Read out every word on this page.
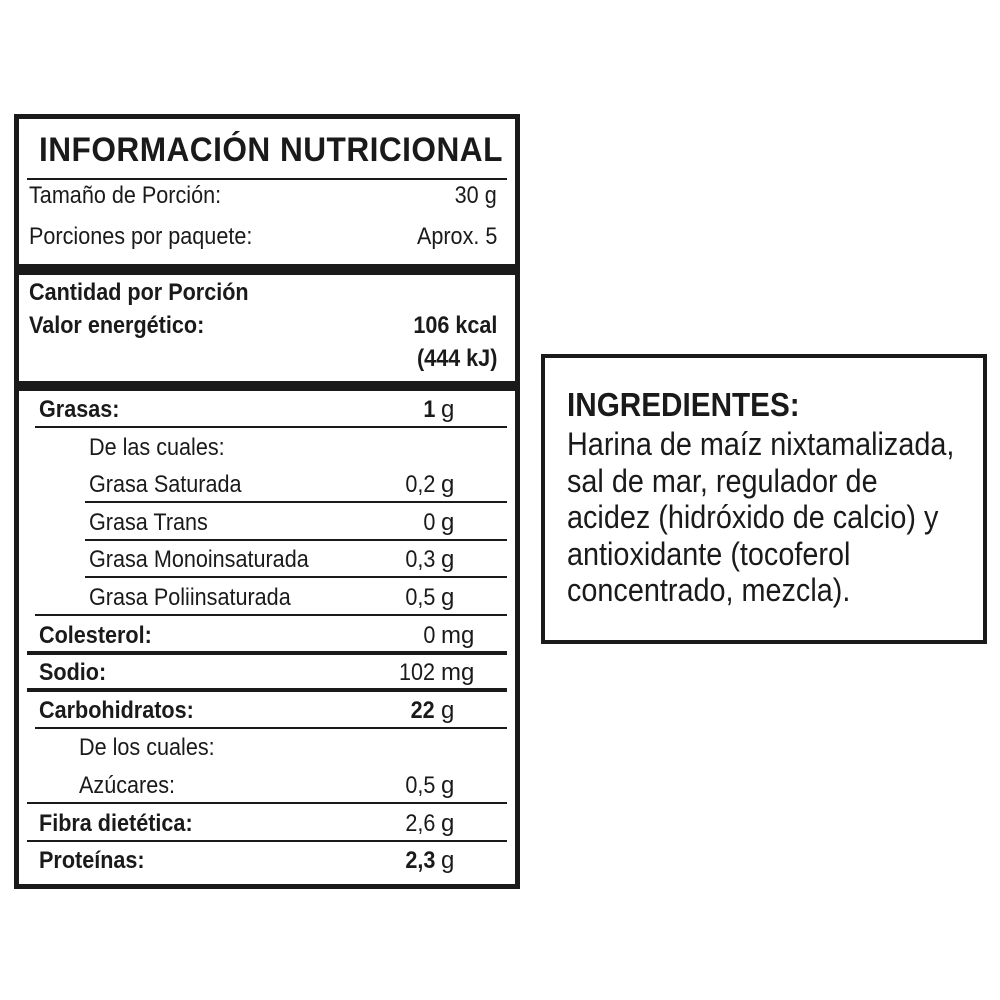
INFORMACIÓN NUTRICIONAL
Tamaño de Porción:	30 g
Porciones por paquete:	Aprox. 5
Cantidad por Porción
Valor energético:	106 kcal
(444 kJ)
Grasas:	1 g
De las cuales:
Grasa Saturada	0,2 g
Grasa Trans	0 g
Grasa Monoinsaturada	0,3 g
Grasa Poliinsaturada	0,5 g
Colesterol:	0 mg
Sodio:	102 mg
Carbohidratos:	22 g
De los cuales:
Azúcares:	0,5 g
Fibra dietética:	2,6 g
Proteínas:	2,3 g
INGREDIENTES:
Harina de maíz nixtamalizada,
sal de mar, regulador de
acidez (hidróxido de calcio) y
antioxidante (tocoferol
concentrado, mezcla).
